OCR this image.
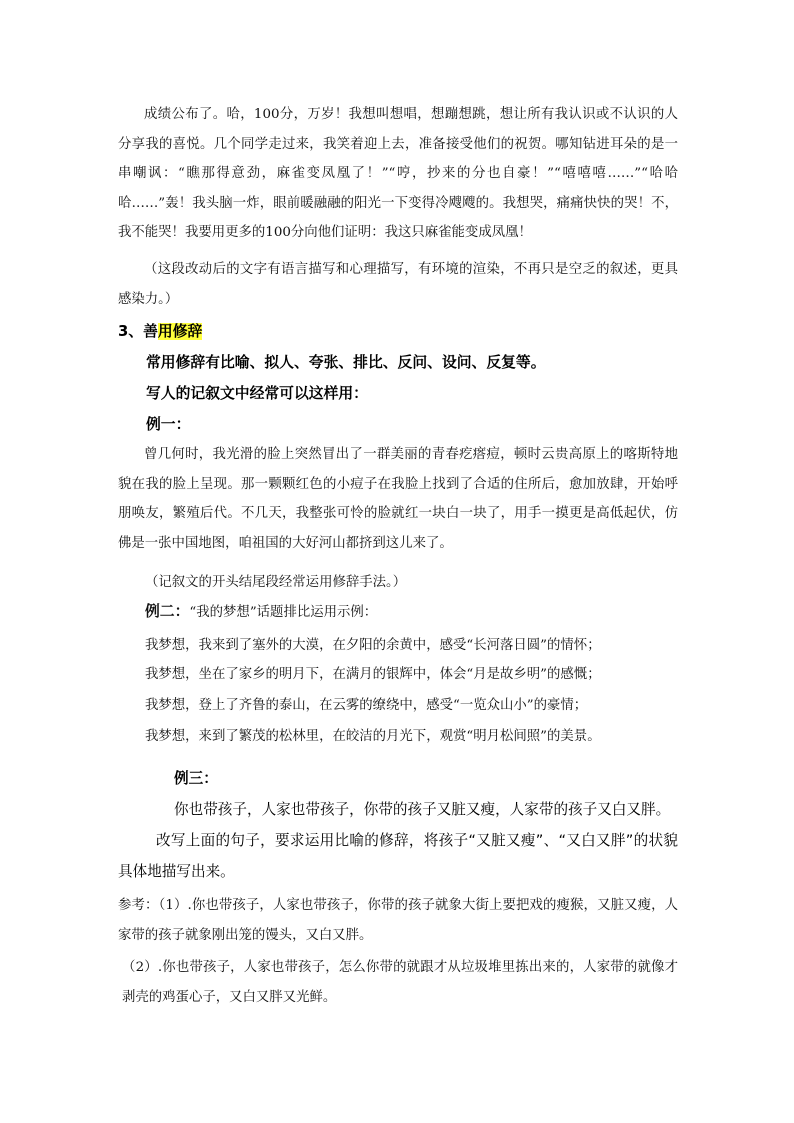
成绩公布了。哈，100分，万岁！我想叫想唱，想蹦想跳，想让所有我认识或不认识的人分享我的喜悦。几个同学走过来，我笑着迎上去，准备接受他们的祝贺。哪知钻进耳朵的是一串嘲讽：“瞧那得意劲，麻雀变凤凰了！”“哼，抄来的分也自豪！”“嘻嘻嘻……”“哈哈哈……”轰！我头脑一炸，眼前暖融融的阳光一下变得冷飕飕的。我想哭，痛痛快快的哭！不，我不能哭！我要用更多的100分向他们证明：我这只麻雀能变成凤凰！

（这段改动后的文字有语言描写和心理描写，有环境的渲染，不再只是空乏的叙述，更具感染力。）

3、善用修辞

常用修辞有比喻、拟人、夸张、排比、反问、设问、反复等。

写人的记叙文中经常可以这样用：

例一：

曾几何时，我光滑的脸上突然冒出了一群美丽的青春疙瘩痘，顿时云贵高原上的喀斯特地貌在我的脸上呈现。那一颗颗红色的小痘子在我脸上找到了合适的住所后，愈加放肆，开始呼朋唤友，繁殖后代。不几天，我整张可怜的脸就红一块白一块了，用手一摸更是高低起伏，仿佛是一张中国地图，咱祖国的大好河山都挤到这儿来了。

（记叙文的开头结尾段经常运用修辞手法。）

例二：“我的梦想”话题排比运用示例：

我梦想，我来到了塞外的大漠，在夕阳的余黄中，感受“长河落日圆”的情怀；

我梦想，坐在了家乡的明月下，在满月的银辉中，体会“月是故乡明”的感慨；

我梦想，登上了齐鲁的泰山，在云雾的缭绕中，感受“一览众山小”的豪情；

我梦想，来到了繁茂的松林里，在皎洁的月光下，观赏“明月松间照”的美景。

例三：

你也带孩子，人家也带孩子，你带的孩子又脏又瘦，人家带的孩子又白又胖。

改写上面的句子，要求运用比喻的修辞，将孩子“又脏又瘦”、“又白又胖”的状貌具体地描写出来。

参考：（1）.你也带孩子，人家也带孩子，你带的孩子就象大街上要把戏的瘦猴，又脏又瘦，人家带的孩子就象刚出笼的馒头，又白又胖。

（2）.你也带孩子，人家也带孩子，怎么你带的就跟才从垃圾堆里拣出来的，人家带的就像才剥壳的鸡蛋心子，又白又胖又光鲜。
